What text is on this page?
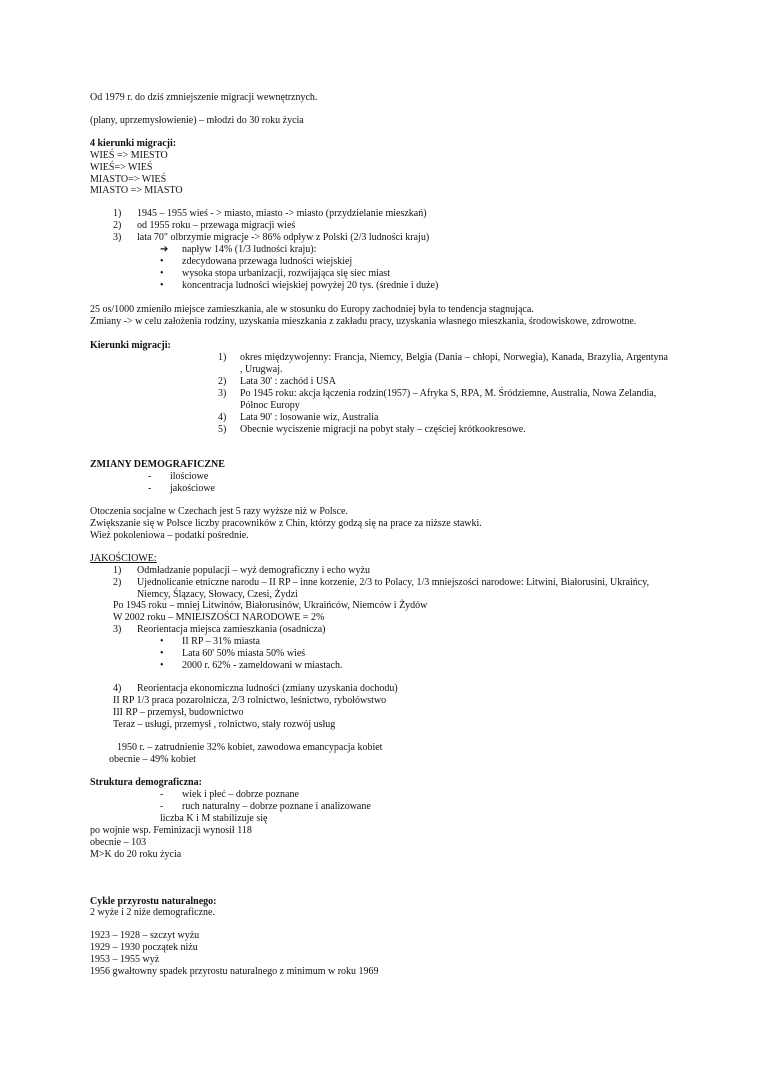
Od 1979 r. do dziś zmniejszenie migracji wewnętrznych.
(plany, uprzemysłowienie) – młodzi do 30 roku życia
4 kierunki migracji:
WIEŚ => MIESTO
WIEŚ=> WIEŚ
MIASTO=> WIEŚ
MIASTO => MIASTO
1) 1945 – 1955 wieś - > miasto, miasto -> miasto (przydzielanie mieszkań)
2) od 1955 roku – przewaga migracji wieś
3) lata 70" olbrzymie migracje -> 86% odpływ z Polski (2/3 ludności kraju)
➔ napływ 14% (1/3 ludności kraju):
• zdecydowana przewaga ludności wiejskiej
• wysoka stopa urbanizacji, rozwijająca się siec miast
• koncentracja ludności wiejskiej powyżej 20 tys. (średnie i duże)
25 os/1000 zmieniło miejsce zamieszkania, ale w stosunku do Europy zachodniej była to tendencja stagnująca.
Zmiany -> w celu założenia rodziny, uzyskania mieszkania z zakładu pracy, uzyskania własnego mieszkania, środowiskowe, zdrowotne.
Kierunki migracji:
1) okres międzywojenny: Francja, Niemcy, Belgia (Dania – chłopi, Norwegia), Kanada, Brazylia, Argentyna , Urugwaj.
2) Lata 30' : zachód i USA
3) Po 1945 roku: akcja łączenia rodzin(1957) – Afryka S, RPA, M. Śródziemne, Australia, Nowa Zelandia, Północ Europy
4) Lata 90' : losowanie wiz, Australia
5) Obecnie wyciszenie migracji na pobyt stały – częściej krótkookresowe.
ZMIANY DEMOGRAFICZNE
- ilościowe
- jakościowe
Otoczenia socjalne w Czechach jest 5 razy wyższe niż w Polsce.
Zwiększanie się w Polsce liczby pracowników z Chin, którzy godzą się na prace za niższe stawki.
Wież pokoleniowa – podatki pośrednie.
JAKOŚCIOWE:
1) Odmładzanie populacji – wyż demograficzny i echo wyżu
2) Ujednolicanie etniczne narodu – II RP – inne korzenie, 2/3 to Polacy, 1/3 mniejszości narodowe: Litwini, Białorusini, Ukraińcy,
Niemcy, Ślązacy, Słowacy, Czesi, Żydzi
Po 1945 roku – mniej Litwinów, Białorusinów, Ukraińców, Niemców i Żydów
W 2002 roku – MNIEJSZOŚCI NARODOWE = 2%
3) Reorientacja miejsca zamieszkania (osadnicza)
• II RP – 31% miasta
• Lata 60' 50% miasta 50% wieś
• 2000 r. 62% - zameldowani w miastach.
4) Reorientacja ekonomiczna ludności (zmiany uzyskania dochodu)
II RP 1/3 praca pozarolnicza, 2/3 rolnictwo, leśnictwo, rybołówstwo
III RP – przemysł, budownictwo
Teraz – usługi, przemysł , rolnictwo, stały rozwój usług
1950 r. – zatrudnienie 32% kobiet, zawodowa emancypacja kobiet
obecnie – 49% kobiet
Struktura demograficzna:
- wiek i płeć – dobrze poznane
- ruch naturalny – dobrze poznane i analizowane
liczba K i M stabilizuje się
po wojnie wsp. Feminizacji wynosił 118
obecnie – 103
M>K do 20 roku życia
Cykle przyrostu naturalnego:
2 wyże i 2 niże demograficzne.
1923 – 1928 – szczyt wyżu
1929 – 1930 początek niżu
1953 – 1955 wyż
1956 gwałtowny spadek przyrostu naturalnego z minimum w roku 1969
